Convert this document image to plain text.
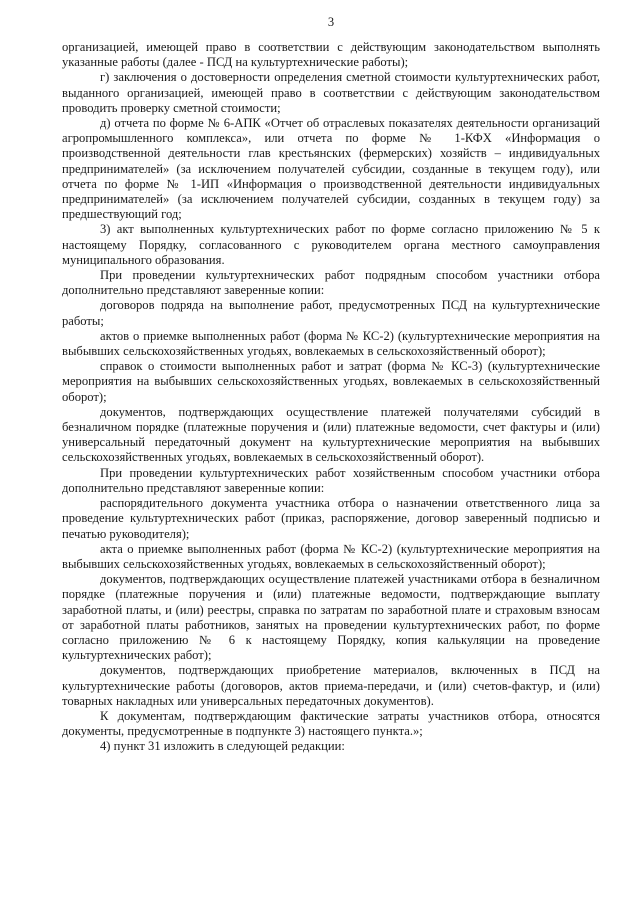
3

организацией, имеющей право в соответствии с действующим законодательством выполнять указанные работы (далее - ПСД на культуртехнические работы);

г) заключения о достоверности определения сметной стоимости культуртехнических работ, выданного организацией, имеющей право в соответствии с действующим законодательством проводить проверку сметной стоимости;

д) отчета по форме № 6-АПК «Отчет об отраслевых показателях деятельности организаций агропромышленного комплекса», или отчета по форме № 1-КФХ «Информация о производственной деятельности глав крестьянских (фермерских) хозяйств – индивидуальных предпринимателей» (за исключением получателей субсидии, созданные в текущем году), или отчета по форме № 1-ИП «Информация о производственной деятельности индивидуальных предпринимателей» (за исключением получателей субсидии, созданных в текущем году) за предшествующий год;

3) акт выполненных культуртехнических работ по форме согласно приложению № 5 к настоящему Порядку, согласованного с руководителем органа местного самоуправления муниципального образования.

При проведении культуртехнических работ подрядным способом участники отбора дополнительно представляют заверенные копии:

договоров подряда на выполнение работ, предусмотренных ПСД на культуртехнические работы;

актов о приемке выполненных работ (форма № КС-2) (культуртехнические мероприятия на выбывших сельскохозяйственных угодьях, вовлекаемых в сельскохозяйственный оборот);

справок о стоимости выполненных работ и затрат (форма № КС-3) (культуртехнические мероприятия на выбывших сельскохозяйственных угодьях, вовлекаемых в сельскохозяйственный оборот);

документов, подтверждающих осуществление платежей получателями субсидий в безналичном порядке (платежные поручения и (или) платежные ведомости, счет фактуры и (или) универсальный передаточный документ на культуртехнические мероприятия на выбывших сельскохозяйственных угодьях, вовлекаемых в сельскохозяйственный оборот).

При проведении культуртехнических работ хозяйственным способом участники отбора дополнительно представляют заверенные копии:

распорядительного документа участника отбора о назначении ответственного лица за проведение культуртехнических работ (приказ, распоряжение, договор заверенный подписью и печатью руководителя);

акта о приемке выполненных работ (форма № КС-2) (культуртехнические мероприятия на выбывших сельскохозяйственных угодьях, вовлекаемых в сельскохозяйственный оборот);

документов, подтверждающих осуществление платежей участниками отбора в безналичном порядке (платежные поручения и (или) платежные ведомости, подтверждающие выплату заработной платы, и (или) реестры, справка по затратам по заработной плате и страховым взносам от заработной платы работников, занятых на проведении культуртехнических работ, по форме согласно приложению № 6 к настоящему Порядку, копия калькуляции на проведение культуртехнических работ);

документов, подтверждающих приобретение материалов, включенных в ПСД на культуртехнические работы (договоров, актов приема-передачи, и (или) счетов-фактур, и (или) товарных накладных или универсальных передаточных документов).

К документам, подтверждающим фактические затраты участников отбора, относятся документы, предусмотренные в подпункте 3) настоящего пункта.»;

4) пункт 31 изложить в следующей редакции:
